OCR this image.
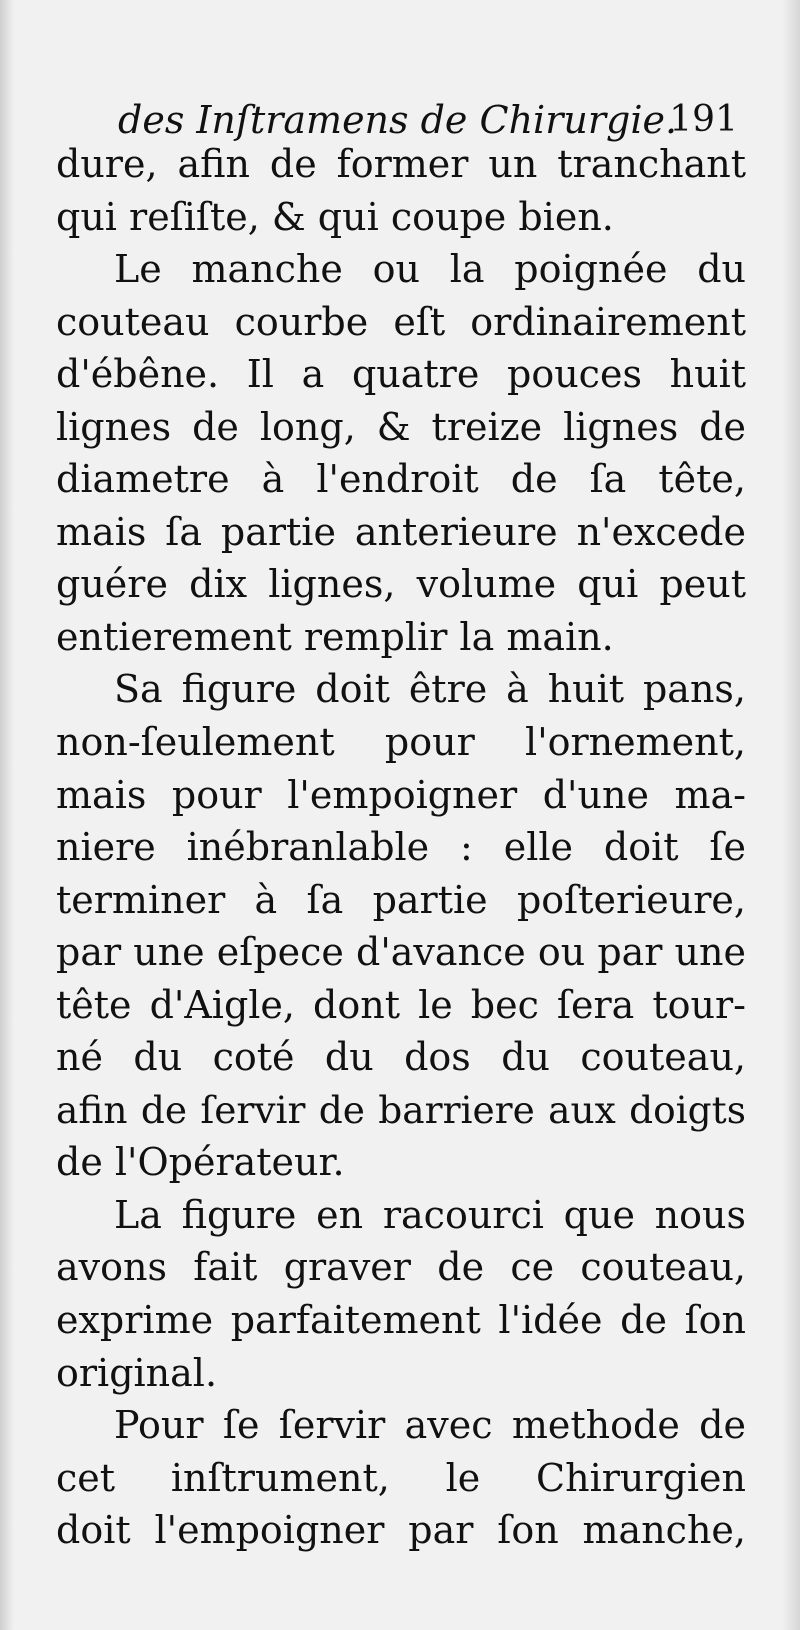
des Inſtramens de Chirurgie.
191
dure, afin de former un tranchant
qui reſiſte, & qui coupe bien.
Le manche ou la poignée du
couteau courbe eſt ordinairement
d'ébêne. Il a quatre pouces huit
lignes de long, & treize lignes de
diametre à l'endroit de ſa tête,
mais ſa partie anterieure n'excede
guére dix lignes, volume qui peut
entierement remplir la main.
Sa figure doit être à huit pans,
non-ſeulement pour l'ornement,
mais pour l'empoigner d'une ma-
niere inébranlable : elle doit ſe
terminer à ſa partie poſterieure,
par une eſpece d'avance ou par une
tête d'Aigle, dont le bec ſera tour-
né du coté du dos du couteau,
afin de ſervir de barriere aux doigts
de l'Opérateur.
La figure en racourci que nous
avons fait graver de ce couteau,
exprime parfaitement l'idée de ſon
original.
Pour ſe ſervir avec methode de
cet inſtrument, le Chirurgien
doit l'empoigner par ſon manche,
